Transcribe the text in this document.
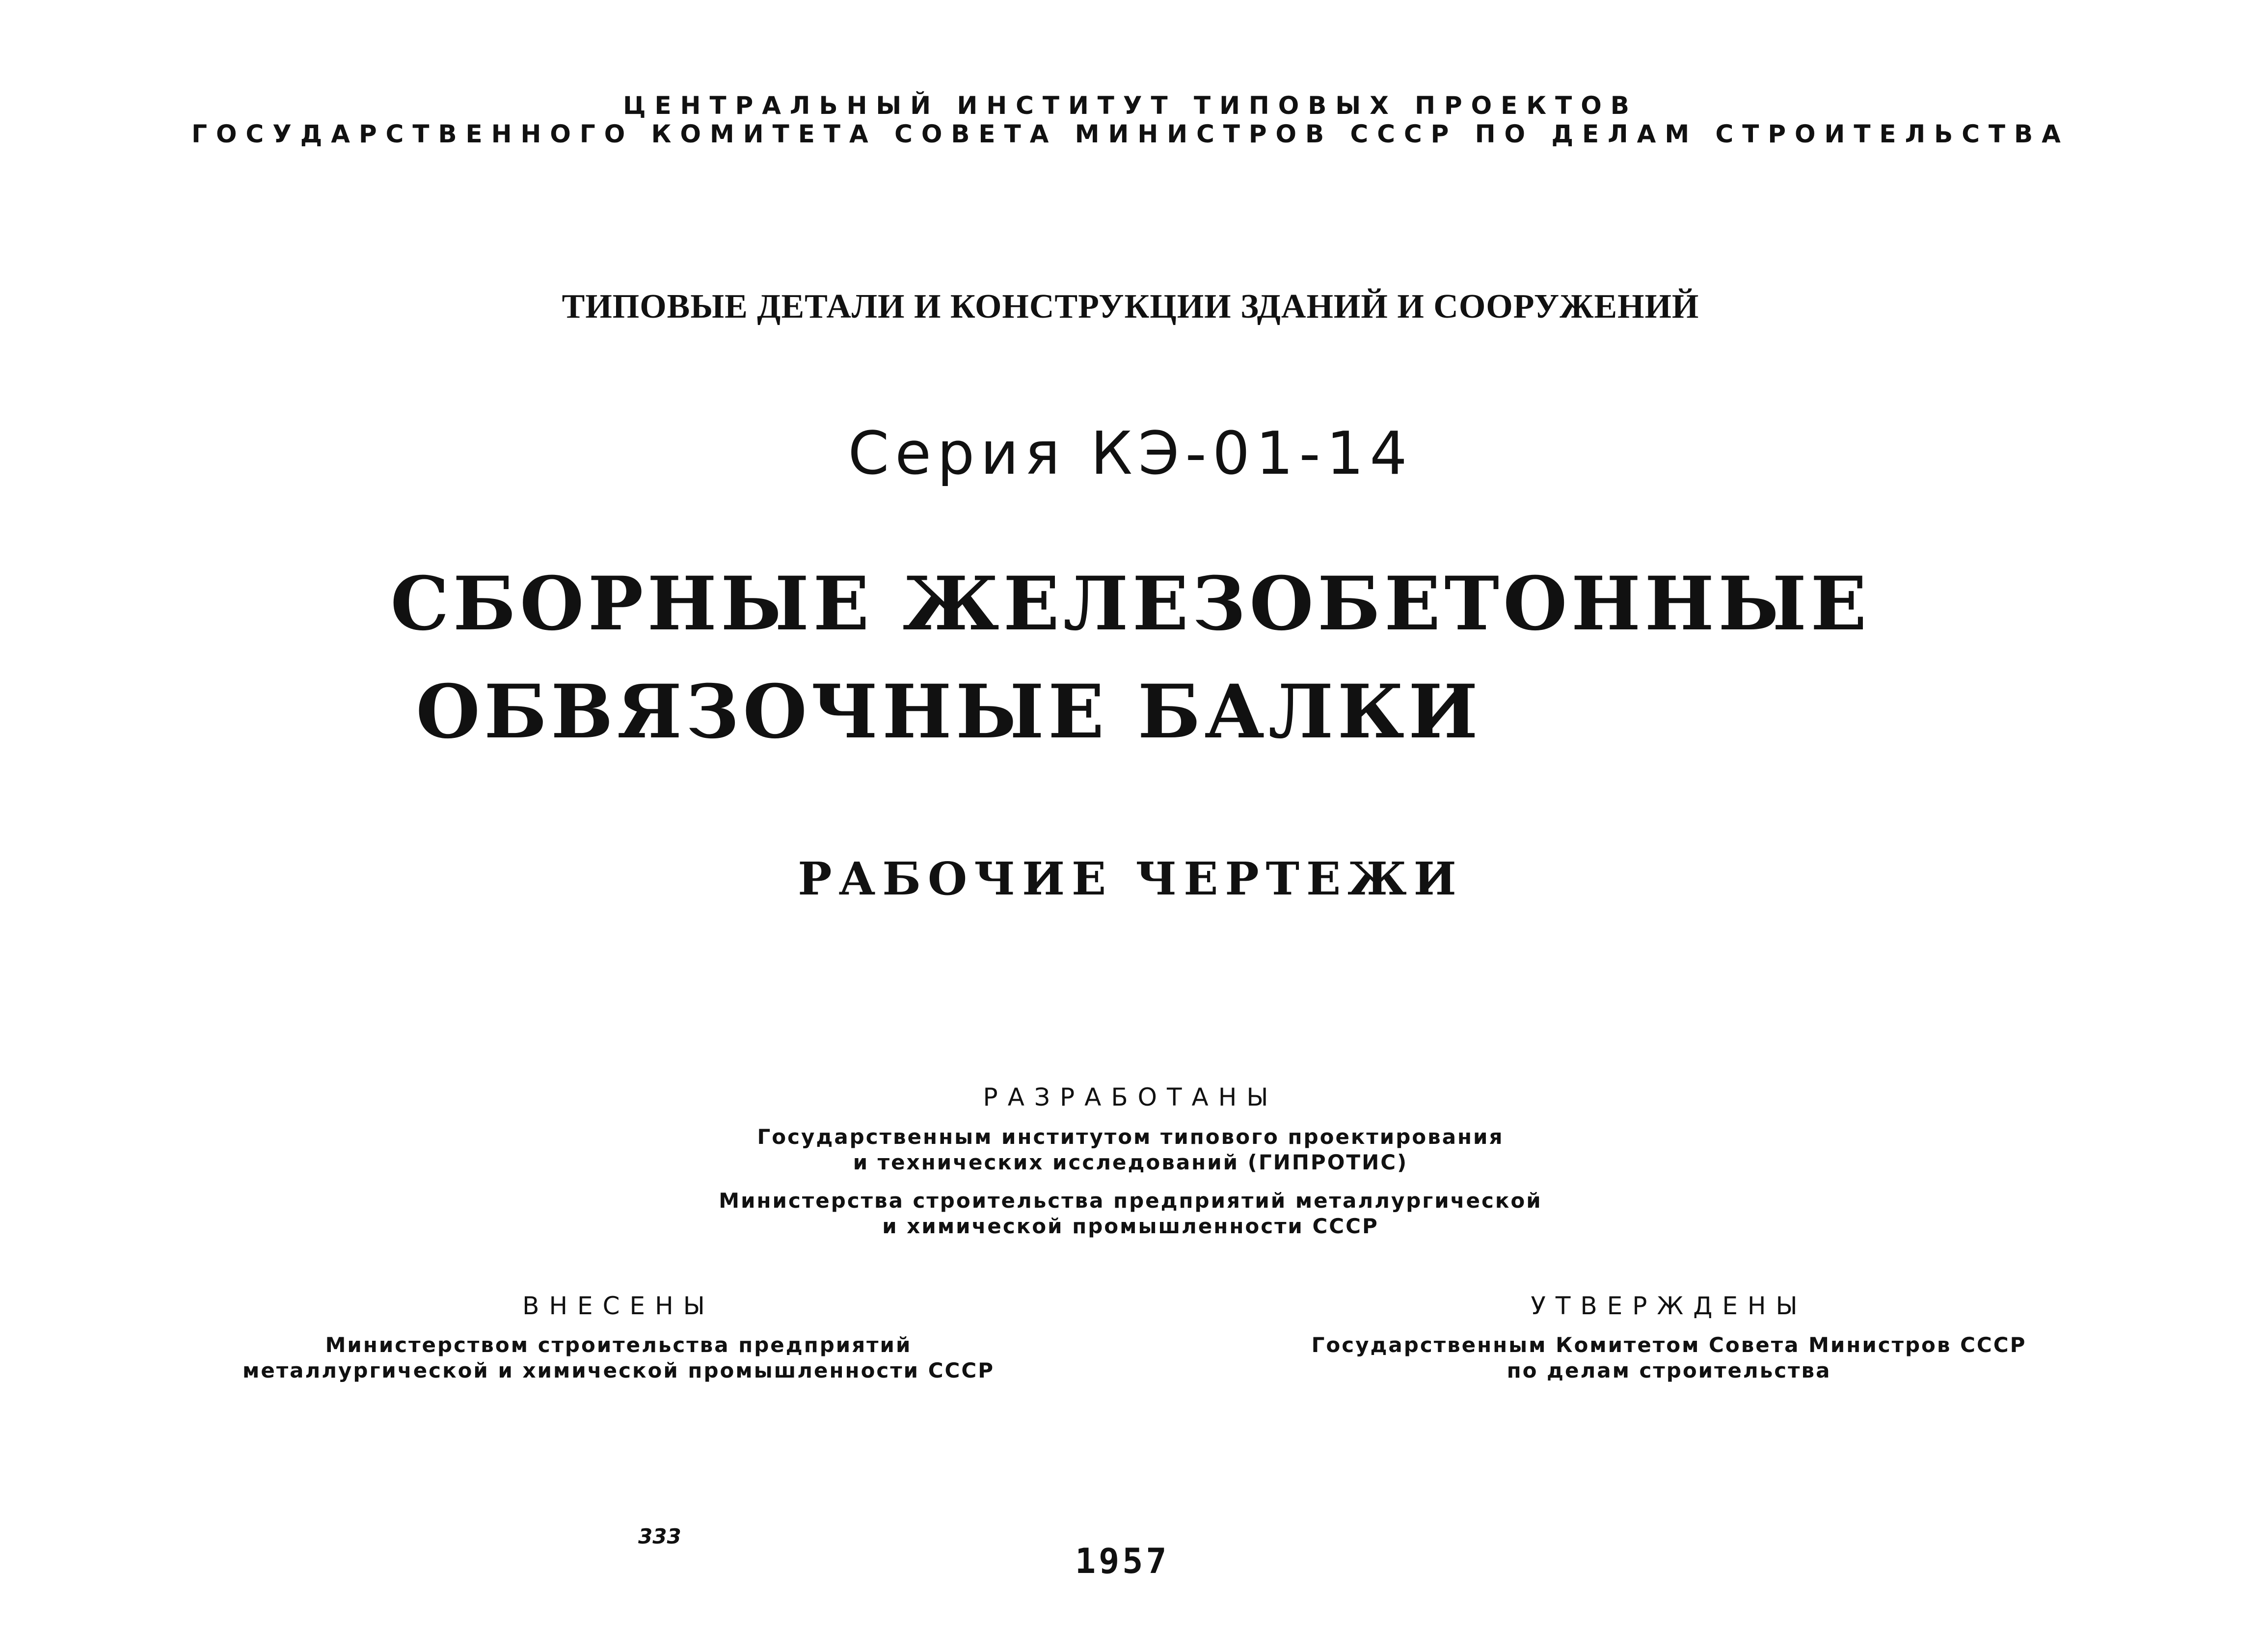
ЦЕНТРАЛЬНЫЙ ИНСТИТУТ ТИПОВЫХ ПРОЕКТОВ
ГОСУДАРСТВЕННОГО КОМИТЕТА СОВЕТА МИНИСТРОВ СССР ПО ДЕЛАМ СТРОИТЕЛЬСТВА
ТИПОВЫЕ ДЕТАЛИ И КОНСТРУКЦИИ ЗДАНИЙ И СООРУЖЕНИЙ
Серия КЭ-01-14
СБОРНЫЕ ЖЕЛЕЗОБЕТОННЫЕ
ОБВЯЗОЧНЫЕ БАЛКИ
РАБОЧИЕ ЧЕРТЕЖИ
РАЗРАБОТАНЫ
Государственным институтом типового проектирования
и технических исследований (ГИПРОТИС)
Министерства строительства предприятий металлургической
и химической промышленности СССР
ВНЕСЕНЫ
Министерством строительства предприятий
металлургической и химической промышленности СССР
УТВЕРЖДЕНЫ
Государственным Комитетом Совета Министров СССР
по делам строительства
333
1957
